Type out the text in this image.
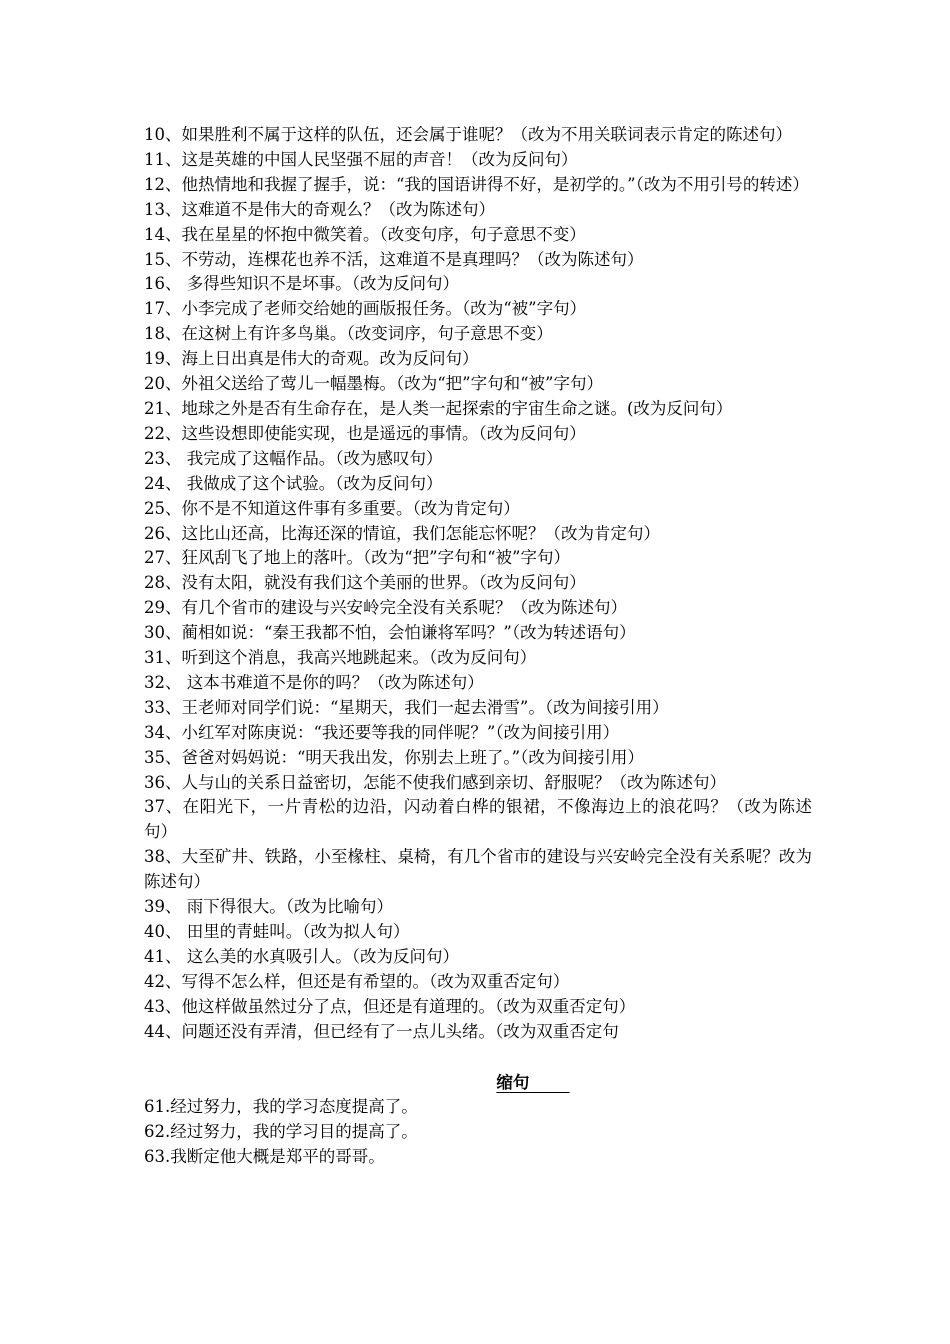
10、如果胜利不属于这样的队伍，还会属于谁呢？（改为不用关联词表示肯定的陈述句）

11、这是英雄的中国人民坚强不屈的声音！（改为反问句）

12、他热情地和我握了握手，说：“我的国语讲得不好，是初学的。”（改为不用引号的转述）

13、这难道不是伟大的奇观么？（改为陈述句）

14、我在星星的怀抱中微笑着。（改变句序，句子意思不变）

15、不劳动，连棵花也养不活，这难道不是真理吗？（改为陈述句）

16、 多得些知识不是坏事。（改为反问句）

17、小李完成了老师交给她的画版报任务。（改为“被”字句）

18、在这树上有许多鸟巢。（改变词序，句子意思不变）

19、海上日出真是伟大的奇观。改为反问句）

20、外祖父送给了莺儿一幅墨梅。（改为“把”字句和“被”字句）

21、地球之外是否有生命存在，是人类一起探索的宇宙生命之谜。(改为反问句）

22、这些设想即使能实现，也是遥远的事情。（改为反问句）

23、 我完成了这幅作品。（改为感叹句）

24、 我做成了这个试验。（改为反问句）

25、你不是不知道这件事有多重要。（改为肯定句）

26、这比山还高，比海还深的情谊，我们怎能忘怀呢？（改为肯定句）

27、狂风刮飞了地上的落叶。（改为“把”字句和“被”字句）

28、没有太阳，就没有我们这个美丽的世界。（改为反问句）

29、有几个省市的建设与兴安岭完全没有关系呢？（改为陈述句）

30、蔺相如说：“秦王我都不怕，会怕谦将军吗？”（改为转述语句）

31、听到这个消息，我高兴地跳起来。（改为反问句）

32、 这本书难道不是你的吗？（改为陈述句）

33、王老师对同学们说：“星期天，我们一起去滑雪”。（改为间接引用）

34、小红军对陈庚说：“我还要等我的同伴呢？”（改为间接引用）

35、爸爸对妈妈说：“明天我出发，你别去上班了。”（改为间接引用）

36、人与山的关系日益密切，怎能不使我们感到亲切、舒服呢？（改为陈述句）

37、在阳光下，一片青松的边沿，闪动着白桦的银裙，不像海边上的浪花吗？（改为陈述句）

38、大至矿井、铁路，小至椽柱、桌椅，有几个省市的建设与兴安岭完全没有关系呢？改为陈述句）

39、 雨下得很大。（改为比喻句）

40、 田里的青蛙叫。（改为拟人句）

41、 这么美的水真吸引人。（改为反问句）

42、写得不怎么样，但还是有希望的。（改为双重否定句）

43、他这样做虽然过分了点，但还是有道理的。（改为双重否定句）

44、问题还没有弄清，但已经有了一点儿头绪。（改为双重否定句

缩句

61.经过努力，我的学习态度提高了。

62.经过努力，我的学习目的提高了。

63.我断定他大概是郑平的哥哥。
